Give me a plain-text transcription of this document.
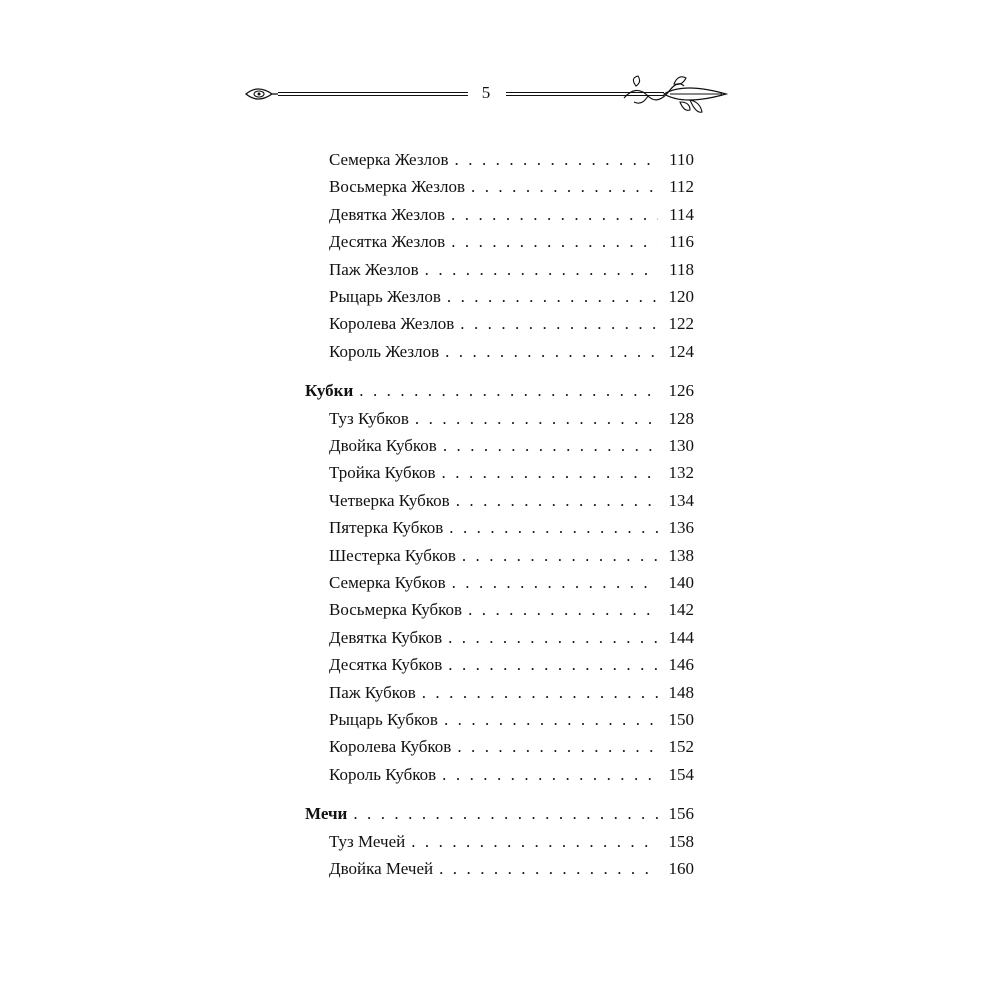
5
Семерка Жезлов . . .	110
Восьмерка Жезлов . . .	112
Девятка Жезлов . . .	114
Десятка Жезлов . . .	116
Паж Жезлов . . .	118
Рыцарь Жезлов . . .	120
Королева Жезлов . . .	122
Король Жезлов . . .	124
Кубки . . .	126
Туз Кубков . . .	128
Двойка Кубков . . .	130
Тройка Кубков . . .	132
Четверка Кубков . . .	134
Пятерка Кубков . . .	136
Шестерка Кубков . . .	138
Семерка Кубков . . .	140
Восьмерка Кубков . . .	142
Девятка Кубков . . .	144
Десятка Кубков . . .	146
Паж Кубков . . .	148
Рыцарь Кубков . . .	150
Королева Кубков . . .	152
Король Кубков . . .	154
Мечи . . .	156
Туз Мечей . . .	158
Двойка Мечей . . .	160
